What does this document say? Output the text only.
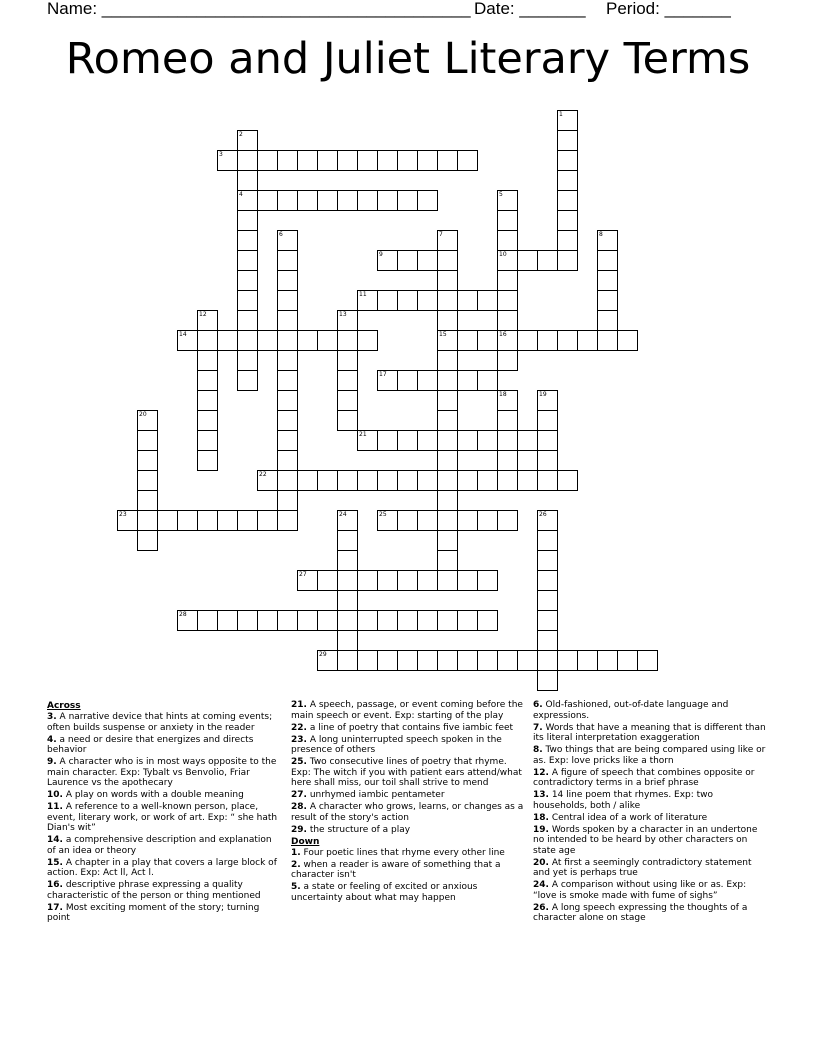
Name: _______________________________________ Date: _______ Period: _______
Romeo and Juliet Literary Terms
1
2
3
4	5
6	7	8
9	10
11
12	13
14	15	16
17
18	19
20
21
22
23	24	25	26
27
28
29
Across
3. A narrative device that hints at coming events; often builds suspense or anxiety in the reader
4. a need or desire that energizes and directs behavior
9. A character who is in most ways opposite to the main character. Exp: Tybalt vs Benvolio, Friar Laurence vs the apothecary
10. A play on words with a double meaning
11. A reference to a well-known person, place, event, literary work, or work of art. Exp: “ she hath Dian's wit”
14. a comprehensive description and explanation of an idea or theory
15. A chapter in a play that covers a large block of action. Exp: Act ll, Act l.
16. descriptive phrase expressing a quality characteristic of the person or thing mentioned
17. Most exciting moment of the story; turning point
21. A speech, passage, or event coming before the main speech or event. Exp: starting of the play
22. a line of poetry that contains five iambic feet
23. A long uninterrupted speech spoken in the presence of others
25. Two consecutive lines of poetry that rhyme. Exp: The witch if you with patient ears attend/what here shall miss, our toil shall strive to mend
27. unrhymed iambic pentameter
28. A character who grows, learns, or changes as a result of the story's action
29. the structure of a play
Down
1. Four poetic lines that rhyme every other line
2. when a reader is aware of something that a character isn't
5. a state or feeling of excited or anxious uncertainty about what may happen
6. Old-fashioned, out-of-date language and expressions.
7. Words that have a meaning that is different than its literal interpretation exaggeration
8. Two things that are being compared using like or as. Exp: love pricks like a thorn
12. A figure of speech that combines opposite or contradictory terms in a brief phrase
13. 14 line poem that rhymes. Exp: two households, both / alike
18. Central idea of a work of literature
19. Words spoken by a character in an undertone no intended to be heard by other characters on state age
20. At first a seemingly contradictory statement and yet is perhaps true
24. A comparison without using like or as. Exp: “love is smoke made with fume of sighs”
26. A long speech expressing the thoughts of a character alone on stage
